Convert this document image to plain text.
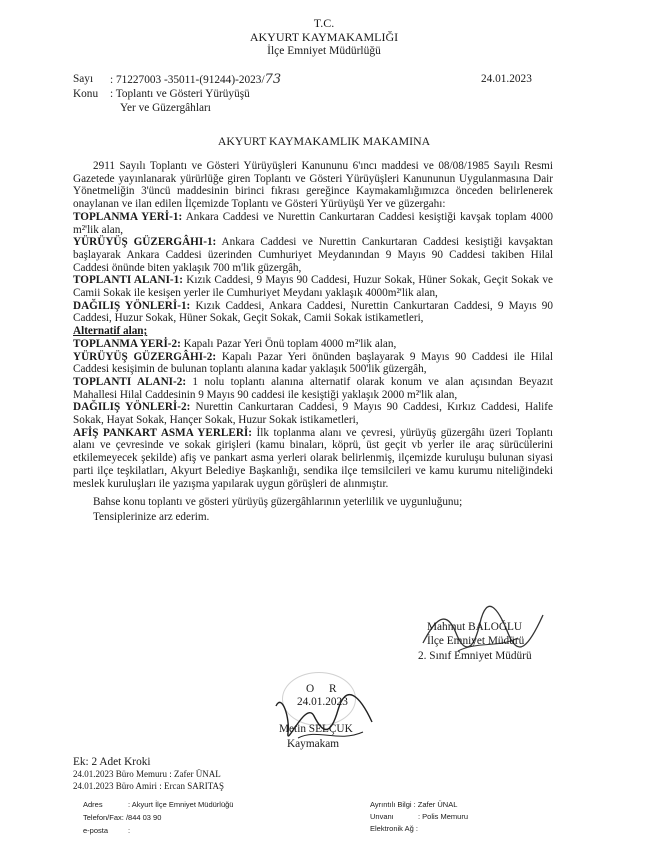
T.C.
AKYURT KAYMAKAMLIĞI
İlçe Emniyet Müdürlüğü
Sayı : 71227003 -35011-(91244)-2023/73	24.01.2023
Konu : Toplantı ve Gösteri Yürüyüşü
Yer ve Güzergâhları
AKYURT KAYMAKAMLIK MAKAMINA

2911 Sayılı Toplantı ve Gösteri Yürüyüşleri Kanununu 6'ıncı maddesi ve 08/08/1985 Sayılı Resmi Gazetede yayınlanarak yürürlüğe giren Toplantı ve Gösteri Yürüyüşleri Kanununun Uygulanmasına Dair Yönetmeliğin 3'üncü maddesinin birinci fıkrası gereğince Kaymakamlığımızca önceden belirlenerek onaylanan ve ilan edilen İlçemizde Toplantı ve Gösteri Yürüyüşü Yer ve güzergahı:

TOPLANMA YERİ-1: Ankara Caddesi ve Nurettin Cankurtaran Caddesi kesiştiği kavşak toplam 4000 m²'lik alan,

YÜRÜYÜŞ GÜZERGÂHI-1: Ankara Caddesi ve Nurettin Cankurtaran Caddesi kesiştiği kavşaktan başlayarak Ankara Caddesi üzerinden Cumhuriyet Meydanından 9 Mayıs 90 Caddesi takiben Hilal Caddesi önünde biten yaklaşık 700 m'lik güzergâh,

TOPLANTI ALANI-1: Kızık Caddesi, 9 Mayıs 90 Caddesi, Huzur Sokak, Hüner Sokak, Geçit Sokak ve Camii Sokak ile kesişen yerler ile Cumhuriyet Meydanı yaklaşık 4000m²'lik alan,

DAĞILIŞ YÖNLERİ-1: Kızık Caddesi, Ankara Caddesi, Nurettin Cankurtaran Caddesi, 9 Mayıs 90 Caddesi, Huzur Sokak, Hüner Sokak, Geçit Sokak, Camii Sokak istikametleri,

Alternatif alan;

TOPLANMA YERİ-2: Kapalı Pazar Yeri Önü toplam 4000 m²'lik alan,

YÜRÜYÜŞ GÜZERGÂHI-2: Kapalı Pazar Yeri önünden başlayarak 9 Mayıs 90 Caddesi ile Hilal Caddesi kesişimin de bulunan toplantı alanına kadar yaklaşık 500'lik güzergâh,

TOPLANTI ALANI-2: 1 nolu toplantı alanına alternatif olarak konum ve alan açısından Beyazıt Mahallesi Hilal Caddesinin 9 Mayıs 90 caddesi ile kesiştiği yaklaşık 2000 m²'lik alan,

DAĞILIŞ YÖNLERİ-2: Nurettin Cankurtaran Caddesi, 9 Mayıs 90 Caddesi, Kırkız Caddesi, Halife Sokak, Hayat Sokak, Hançer Sokak, Huzur Sokak istikametleri,

AFİŞ PANKART ASMA YERLERİ: İlk toplanma alanı ve çevresi, yürüyüş güzergâhı üzeri Toplantı alanı ve çevresinde ve sokak girişleri (kamu binaları, köprü, üst geçit vb yerler ile araç sürücülerini etkilemeyecek şekilde) afiş ve pankart asma yerleri olarak belirlenmiş, ilçemizde kuruluşu bulunan siyasi parti ilçe teşkilatları, Akyurt Belediye Başkanlığı, sendika ilçe temsilcileri ve kamu kurumu niteliğindeki meslek kuruluşları ile yazışma yapılarak uygun görüşleri de alınmıştır.

Bahse konu toplantı ve gösteri yürüyüş güzergâhlarının yeterlilik ve uygunluğunu;

Tensiplerinize arz ederim.

Mahmut BALOĞLU
İlçe Emniyet Müdürü
2. Sınıf Emniyet Müdürü
O R
24.01.2023
Metin SELÇUK
Kaymakam
Ek: 2 Adet Kroki
24.01.2023 Büro Memuru : Zafer ÜNAL
24.01.2023 Büro Amiri : Ercan SARITAŞ
Adres	: Akyurt İlçe Emniyet Müdürlüğü
Telefon/Fax: /844 03 90
e-posta	:
Ayrıntılı Bilgi : Zafer ÜNAL
Unvanı	: Polis Memuru
Elektronik Ağ :
